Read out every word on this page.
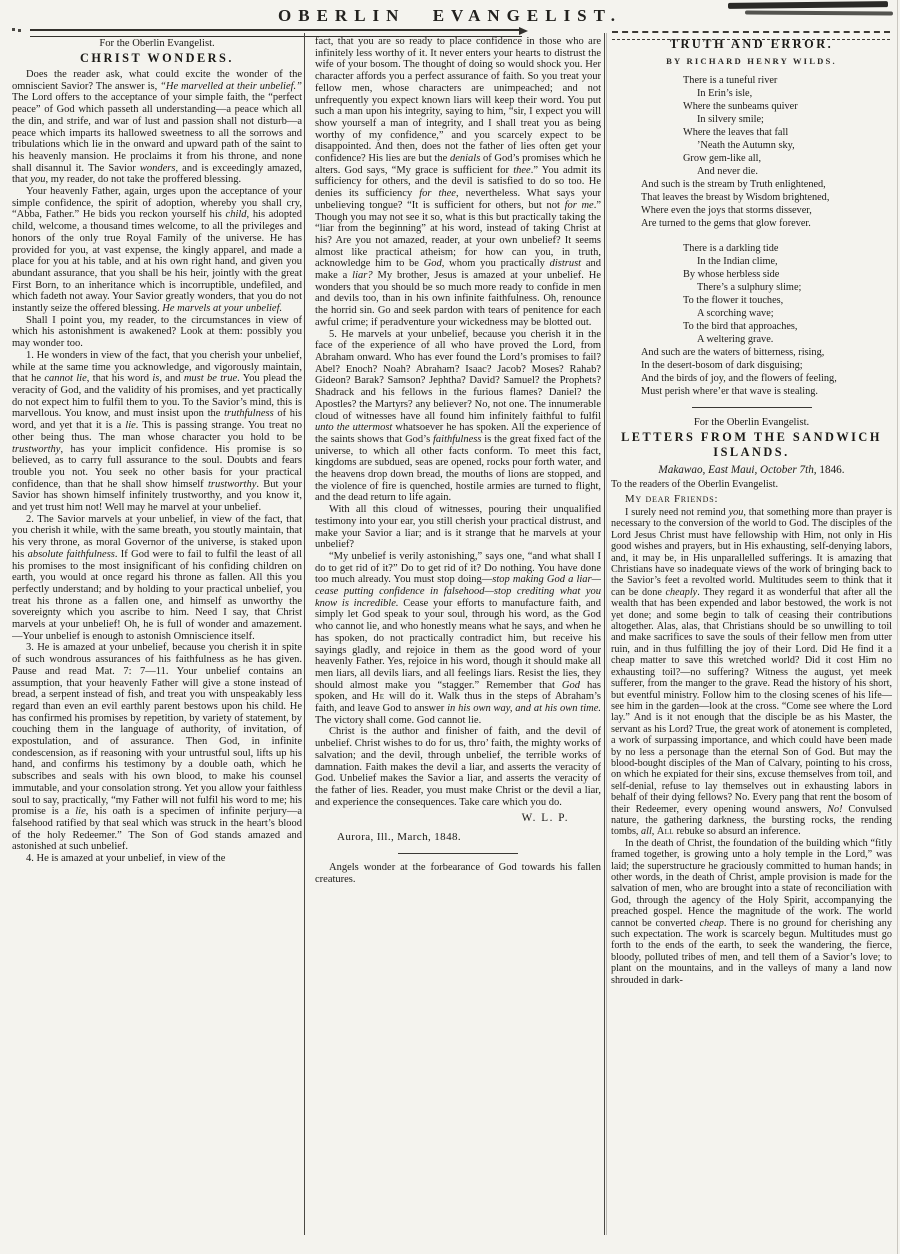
OBERLIN EVANGELIST.
For the Oberlin Evangelist.
CHRIST WONDERS.

Does the reader ask, what could excite the wonder of the omniscient Savior? The answer is, “He marvelled at their unbelief.” The Lord offers to the acceptance of your simple faith, the “perfect peace” of God which passeth all understanding—a peace which all the din, and strife, and war of lust and passion shall not disturb—a peace which imparts its hallowed sweetness to all the sorrows and tribulations which lie in the onward and upward path of the saint to his heavenly mansion. He proclaims it from his throne, and none shall disannul it. The Savior wonders, and is exceedingly amazed, that you, my reader, do not take the proffered blessing.

Your heavenly Father, again, urges upon the acceptance of your simple confidence, the spirit of adoption, whereby you shall cry, “Abba, Father.” He bids you reckon yourself his child, his adopted child, welcome, a thousand times welcome, to all the privileges and honors of the only true Royal Family of the universe. He has provided for you, at vast expense, the kingly apparel, and made a place for you at his table, and at his own right hand, and given you abundant assurance, that you shall be his heir, jointly with the great First Born, to an inheritance which is incorruptible, undefiled, and which fadeth not away. Your Savior greatly wonders, that you do not instantly seize the offered blessing. He marvels at your unbelief.

Shall I point you, my reader, to the circumstances in view of which his astonishment is awakened? Look at them: possibly you may wonder too.

1. He wonders in view of the fact, that you cherish your unbelief, while at the same time you acknowledge, and vigorously maintain, that he cannot lie, that his word is, and must be true. You plead the veracity of God, and the validity of his promises, and yet practically do not expect him to fulfil them to you. To the Savior’s mind, this is marvellous. You know, and must insist upon the truthfulness of his word, and yet that it is a lie. This is passing strange. You treat no other being thus. The man whose character you hold to be trustworthy, has your implicit confidence. His promise is so believed, as to carry full assurance to the soul. Doubts and fears trouble you not. You seek no other basis for your practical confidence, than that he shall show himself trustworthy. But your Savior has shown himself infinitely trustworthy, and you know it, and yet trust him not! Well may he marvel at your unbelief.

2. The Savior marvels at your unbelief, in view of the fact, that you cherish it while, with the same breath, you stoutly maintain, that his very throne, as moral Governor of the universe, is staked upon his absolute faithfulness. If God were to fail to fulfil the least of all his promises to the most insignificant of his confiding children on earth, you would at once regard his throne as fallen. All this you perfectly understand; and by holding to your practical unbelief, you treat his throne as a fallen one, and himself as unworthy the sovereignty which you ascribe to him. Need I say, that Christ marvels at your unbelief! Oh, he is full of wonder and amazement.—Your unbelief is enough to astonish Omniscience itself.

3. He is amazed at your unbelief, because you cherish it in spite of such wondrous assurances of his faithfulness as he has given. Pause and read Mat. 7: 7—11. Your unbelief contains an assumption, that your heavenly Father will give a stone instead of bread, a serpent instead of fish, and treat you with unspeakably less regard than even an evil earthly parent bestows upon his child. He has confirmed his promises by repetition, by variety of statement, by couching them in the language of authority, of invitation, of expostulation, and of assurance. Then God, in infinite condescension, as if reasoning with your untrustful soul, lifts up his hand, and confirms his testimony by a double oath, which he subscribes and seals with his own blood, to make his counsel immutable, and your consolation strong. Yet you allow your faithless soul to say, practically, “my Father will not fulfil his word to me; his promise is a lie, his oath is a specimen of infinite perjury—a falsehood ratified by that seal which was struck in the heart’s blood of the holy Redeemer.” The Son of God stands amazed and astonished at such unbelief.

4. He is amazed at your unbelief, in view of the

fact, that you are so ready to place confidence in those who are infinitely less worthy of it. It never enters your hearts to distrust the wife of your bosom. The thought of doing so would shock you. Her character affords you a perfect assurance of faith. So you treat your fellow men, whose characters are unimpeached; and not unfrequently you expect known liars will keep their word. You put such a man upon his integrity, saying to him, “sir, I expect you will show yourself a man of integrity, and I shall treat you as being worthy of my confidence,” and you scarcely expect to be disappointed. And then, does not the father of lies often get your confidence? His lies are but the denials of God’s promises which he alters. God says, “My grace is sufficient for thee.” You admit its sufficiency for others, and the devil is satisfied to do so too. He denies its sufficiency for thee, nevertheless. What says your unbelieving tongue? “It is sufficient for others, but not for me.” Though you may not see it so, what is this but practically taking the “liar from the beginning” at his word, instead of taking Christ at his? Are you not amazed, reader, at your own unbelief? It seems almost like practical atheism; for how can you, in truth, acknowledge him to be God, whom you practically distrust and make a liar? My brother, Jesus is amazed at your unbelief. He wonders that you should be so much more ready to confide in men and devils too, than in his own infinite faithfulness. Oh, renounce the horrid sin. Go and seek pardon with tears of penitence for each awful crime; if peradventure your wickedness may be blotted out.

5. He marvels at your unbelief, because you cherish it in the face of the experience of all who have proved the Lord, from Abraham onward. Who has ever found the Lord’s promises to fail? Abel? Enoch? Noah? Abraham? Isaac? Jacob? Moses? Rahab? Gideon? Barak? Samson? Jephtha? David? Samuel? the Prophets? Shadrack and his fellows in the furious flames? Daniel? the Apostles? the Martyrs? any believer? No, not one. The innumerable cloud of witnesses have all found him infinitely faithful to fulfil unto the uttermost whatsoever he has spoken. All the experience of the saints shows that God’s faithfulness is the great fixed fact of the universe, to which all other facts conform. To meet this fact, kingdoms are subdued, seas are opened, rocks pour forth water, and the heavens drop down bread, the mouths of lions are stopped, and the violence of fire is quenched, hostile armies are turned to flight, and the dead return to life again.

With all this cloud of witnesses, pouring their unqualified testimony into your ear, you still cherish your practical distrust, and make your Savior a liar; and is it strange that he marvels at your unbelief?

“My unbelief is verily astonishing,” says one, “and what shall I do to get rid of it?” Do to get rid of it? Do nothing. You have done too much already. You must stop doing—stop making God a liar—cease putting confidence in falsehood—stop crediting what you know is incredible. Cease your efforts to manufacture faith, and simply let God speak to your soul, through his word, as the God who cannot lie, and who honestly means what he says, and when he has spoken, do not practically contradict him, but receive his sayings gladly, and rejoice in them as the good word of your heavenly Father. Yes, rejoice in his word, though it should make all men liars, all devils liars, and all feelings liars. Resist the lies, they should almost make you “stagger.” Remember that God has spoken, and He will do it. Walk thus in the steps of Abraham’s faith, and leave God to answer in his own way, and at his own time. The victory shall come. God cannot lie.

Christ is the author and finisher of faith, and the devil of unbelief. Christ wishes to do for us, thro’ faith, the mighty works of salvation; and the devil, through unbelief, the terrible works of damnation. Faith makes the devil a liar, and asserts the veracity of God. Unbelief makes the Savior a liar, and asserts the veracity of the father of lies. Reader, you must make Christ or the devil a liar, and experience the consequences. Take care which you do.

W. L. P.
Aurora, Ill., March, 1848.

Angels wonder at the forbearance of God towards his fallen creatures.

TRUTH AND ERROR.
BY RICHARD HENRY WILDS.
There is a tuneful river
In Erin’s isle,
Where the sunbeams quiver
In silvery smile;
Where the leaves that fall
’Neath the Autumn sky,
Grow gem-like all,
And never die.
And such is the stream by Truth enlightened,
That leaves the breast by Wisdom brightened,
Where even the joys that storms dissever,
Are turned to the gems that glow forever.
There is a darkling tide
In the Indian clime,
By whose herbless side
There’s a sulphury slime;
To the flower it touches,
A scorching wave;
To the bird that approaches,
A weltering grave.
And such are the waters of bitterness, rising,
In the desert-bosom of dark disguising;
And the birds of joy, and the flowers of feeling,
Must perish where’er that wave is stealing.
For the Oberlin Evangelist.
LETTERS FROM THE SANDWICH ISLANDS.
Makawao, East Maui, October 7th, 1846.
To the readers of the Oberlin Evangelist.
My dear Friends:

I surely need not remind you, that something more than prayer is necessary to the conversion of the world to God. The disciples of the Lord Jesus Christ must have fellowship with Him, not only in His good wishes and prayers, but in His exhausting, self-denying labors, and, it may be, in His unparallelled sufferings. It is amazing that Christians have so inadequate views of the work of bringing back to the Savior’s feet a revolted world. Multitudes seem to think that it can be done cheaply. They regard it as wonderful that after all the wealth that has been expended and labor bestowed, the work is not yet done; and some begin to talk of ceasing their contributions altogether. Alas, alas, that Christians should be so unwilling to toil and make sacrifices to save the souls of their fellow men from utter ruin, and in thus fulfilling the joy of their Lord. Did He find it a cheap matter to save this wretched world? Did it cost Him no exhausting toil?—no suffering? Witness the august, yet meek sufferer, from the manger to the grave. Read the history of his short, but eventful ministry. Follow him to the closing scenes of his life—see him in the garden—look at the cross. “Come see where the Lord lay.” And is it not enough that the disciple be as his Master, the servant as his Lord? True, the great work of atonement is completed, a work of surpassing importance, and which could have been made by no less a personage than the eternal Son of God. But may the blood-bought disciples of the Man of Calvary, pointing to his cross, on which he expiated for their sins, excuse themselves from toil, and self-denial, refuse to lay themselves out in exhausting labors in behalf of their dying fellows? No. Every pang that rent the bosom of their Redeemer, every opening wound answers, No! Convulsed nature, the gathering darkness, the bursting rocks, the rending tombs, all, All rebuke so absurd an inference.

In the death of Christ, the foundation of the building which “fitly framed together, is growing unto a holy temple in the Lord,” was laid; the superstructure he graciously committed to human hands; in other words, in the death of Christ, ample provision is made for the salvation of men, who are brought into a state of reconciliation with God, through the agency of the Holy Spirit, accompanying the preached gospel. Hence the magnitude of the work. The world cannot be converted cheap. There is no ground for cherishing any such expectation. The work is scarcely begun. Multitudes must go forth to the ends of the earth, to seek the wandering, the fierce, bloody, polluted tribes of men, and tell them of a Savior’s love; to plant on the mountains, and in the valleys of many a land now shrouded in dark-
